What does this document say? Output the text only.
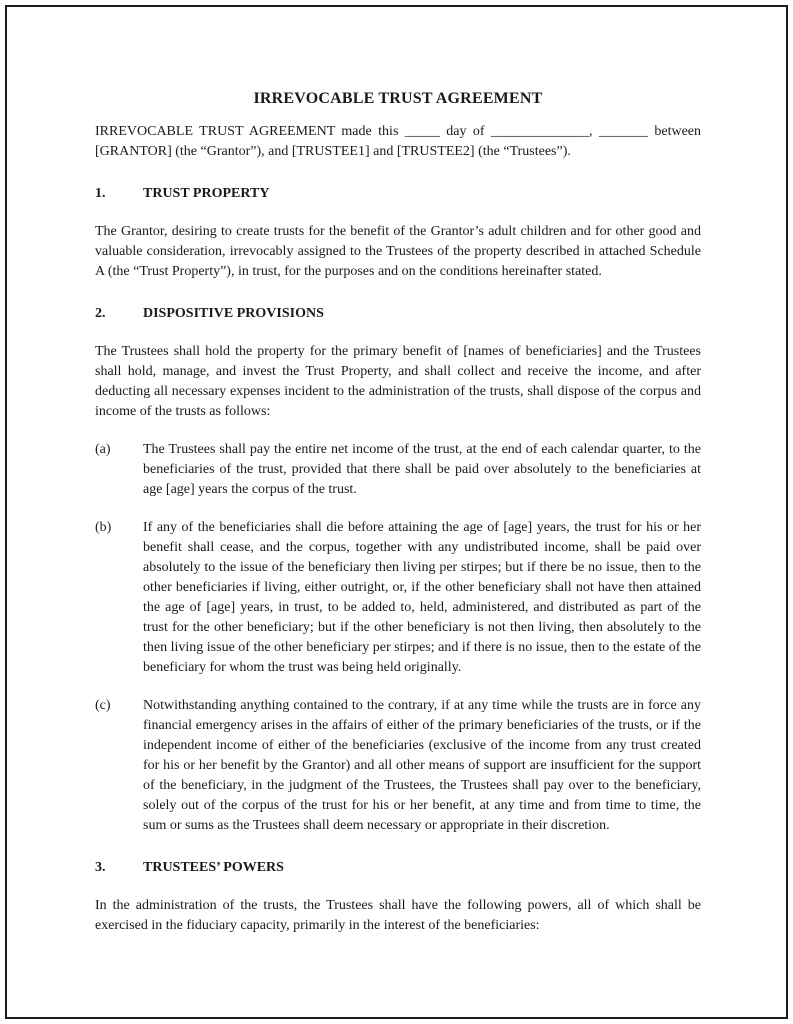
IRREVOCABLE TRUST AGREEMENT

IRREVOCABLE TRUST AGREEMENT made this _____ day of ______________, _______ between [GRANTOR] (the “Grantor”), and [TRUSTEE1] and [TRUSTEE2] (the “Trustees”).

1.	TRUST PROPERTY

The Grantor, desiring to create trusts for the benefit of the Grantor’s adult children and for other good and valuable consideration, irrevocably assigned to the Trustees of the property described in attached Schedule A (the “Trust Property”), in trust, for the purposes and on the conditions hereinafter stated.

2.	DISPOSITIVE PROVISIONS

The Trustees shall hold the property for the primary benefit of [names of beneficiaries] and the Trustees shall hold, manage, and invest the Trust Property, and shall collect and receive the income, and after deducting all necessary expenses incident to the administration of the trusts, shall dispose of the corpus and income of the trusts as follows:

(a)	The Trustees shall pay the entire net income of the trust, at the end of each calendar quarter, to the beneficiaries of the trust, provided that there shall be paid over absolutely to the beneficiaries at age [age] years the corpus of the trust.
(b)	If any of the beneficiaries shall die before attaining the age of [age] years, the trust for his or her benefit shall cease, and the corpus, together with any undistributed income, shall be paid over absolutely to the issue of the beneficiary then living per stirpes; but if there be no issue, then to the other beneficiaries if living, either outright, or, if the other beneficiary shall not have then attained the age of [age] years, in trust, to be added to, held, administered, and distributed as part of the trust for the other beneficiary; but if the other beneficiary is not then living, then absolutely to the then living issue of the other beneficiary per stirpes; and if there is no issue, then to the estate of the beneficiary for whom the trust was being held originally.
(c)	Notwithstanding anything contained to the contrary, if at any time while the trusts are in force any financial emergency arises in the affairs of either of the primary beneficiaries of the trusts, or if the independent income of either of the beneficiaries (exclusive of the income from any trust created for his or her benefit by the Grantor) and all other means of support are insufficient for the support of the beneficiary, in the judgment of the Trustees, the Trustees shall pay over to the beneficiary, solely out of the corpus of the trust for his or her benefit, at any time and from time to time, the sum or sums as the Trustees shall deem necessary or appropriate in their discretion.
3.	TRUSTEES’ POWERS

In the administration of the trusts, the Trustees shall have the following powers, all of which shall be exercised in the fiduciary capacity, primarily in the interest of the beneficiaries:
